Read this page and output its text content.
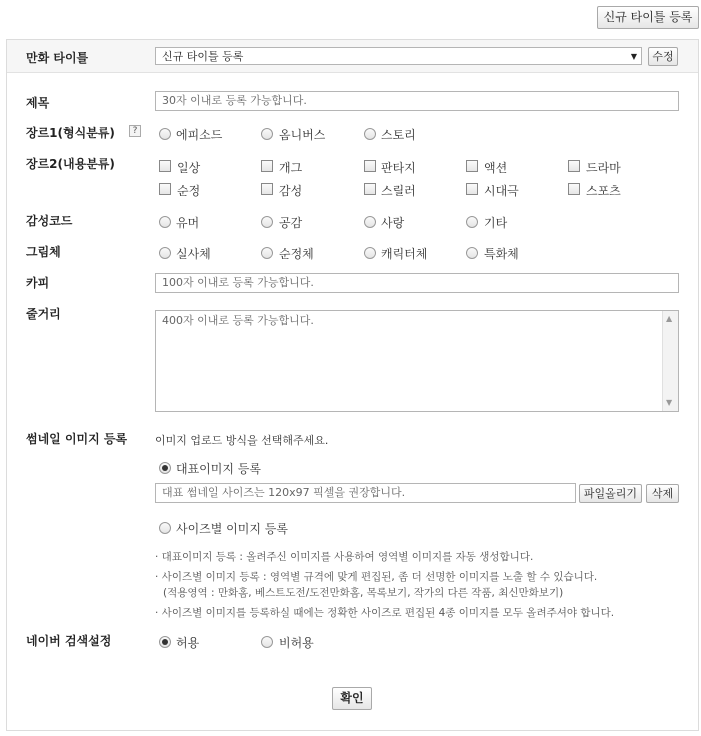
신규 타이틀 등록
만화 타이틀	신규 타이틀 등록	▼	수정
제목	30자 이내로 등록 가능합니다.
장르1(형식분류)	?	에피소드	옴니버스	스토리
장르2(내용분류)	일상	개그	판타지	액션	드라마
순정	감성	스릴러	시대극	스포츠
감성코드	유머	공감	사랑	기타
그림체	실사체	순정체	캐릭터체	특화체
카피	100자 이내로 등록 가능합니다.
줄거리	400자 이내로 등록 가능합니다.	▲
▼
썸네일 이미지 등록	이미지 업로드 방식을 선택해주세요.
대표이미지 등록
대표 썸네일 사이즈는 120x97 픽셀을 권장합니다.	파일올리기	삭제
사이즈별 이미지 등록
· 대표이미지 등록 : 올려주신 이미지를 사용하여 영역별 이미지를 자동 생성합니다.
· 사이즈별 이미지 등록 : 영역별 규격에 맞게 편집된, 좀 더 선명한 이미지를 노출 할 수 있습니다.
(적용영역 : 만화홈, 베스트도전/도전만화홈, 목록보기, 작가의 다른 작품, 최신만화보기)
· 사이즈별 이미지를 등록하실 때에는 정확한 사이즈로 편집된 4종 이미지를 모두 올려주셔야 합니다.
네이버 검색설정	허용	비허용
확인
